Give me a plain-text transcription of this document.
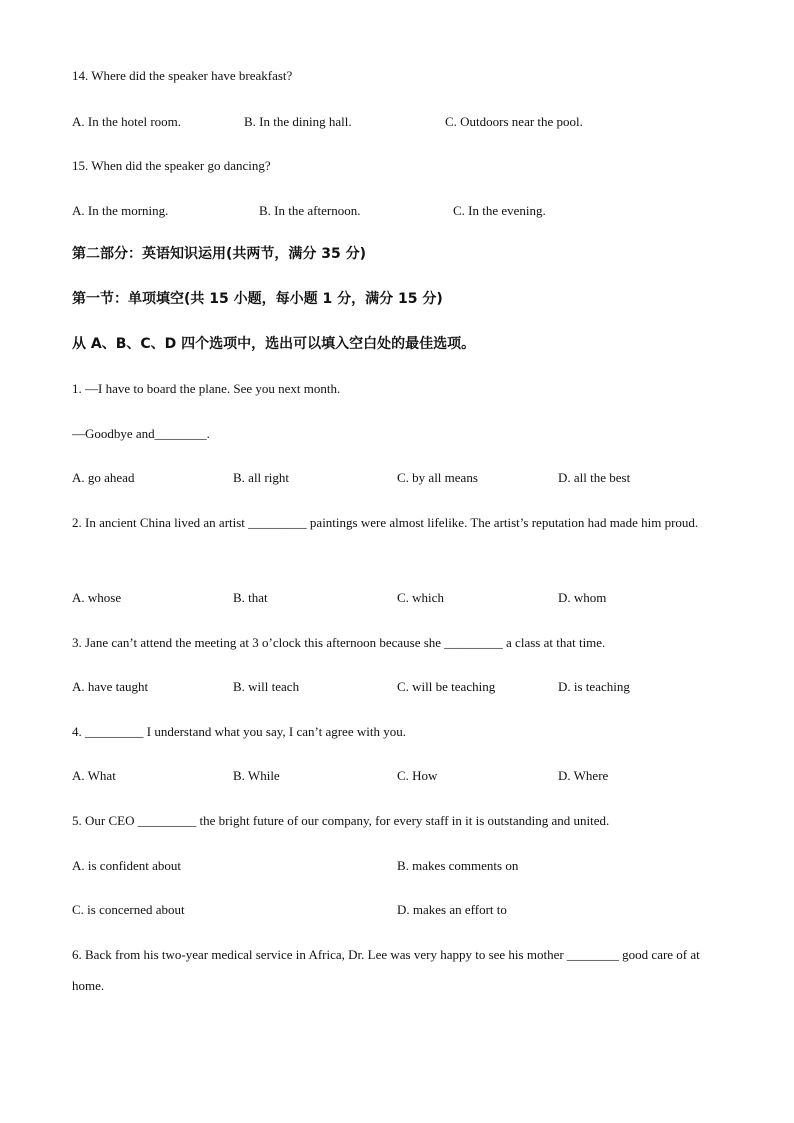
14. Where did the speaker have breakfast?
A. In the hotel room.	B. In the dining hall.	C. Outdoors near the pool.
15. When did the speaker go dancing?
A. In the morning.	B. In the afternoon.	C. In the evening.
第二部分：英语知识运用(共两节，满分 35 分)
第一节：单项填空(共 15 小题，每小题 1 分，满分 15 分)
从 A、B、C、D 四个选项中，选出可以填入空白处的最佳选项。
1. —I have to board the plane. See you next month.
—Goodbye and________.
A. go ahead	B. all right	C. by all means	D. all the best
2. In ancient China lived an artist _________ paintings were almost lifelike. The artist’s reputation had made him proud.
A. whose	B. that	C. which	D. whom
3. Jane can’t attend the meeting at 3 o’clock this afternoon because she _________ a class at that time.
A. have taught	B. will teach	C. will be teaching	D. is teaching
4. _________ I understand what you say, I can’t agree with you.
A. What	B. While	C. How	D. Where
5. Our CEO _________ the bright future of our company, for every staff in it is outstanding and united.
A. is confident about	B. makes comments on
C. is concerned about	D. makes an effort to
6. Back from his two-year medical service in Africa, Dr. Lee was very happy to see his mother ________ good care of at home.
